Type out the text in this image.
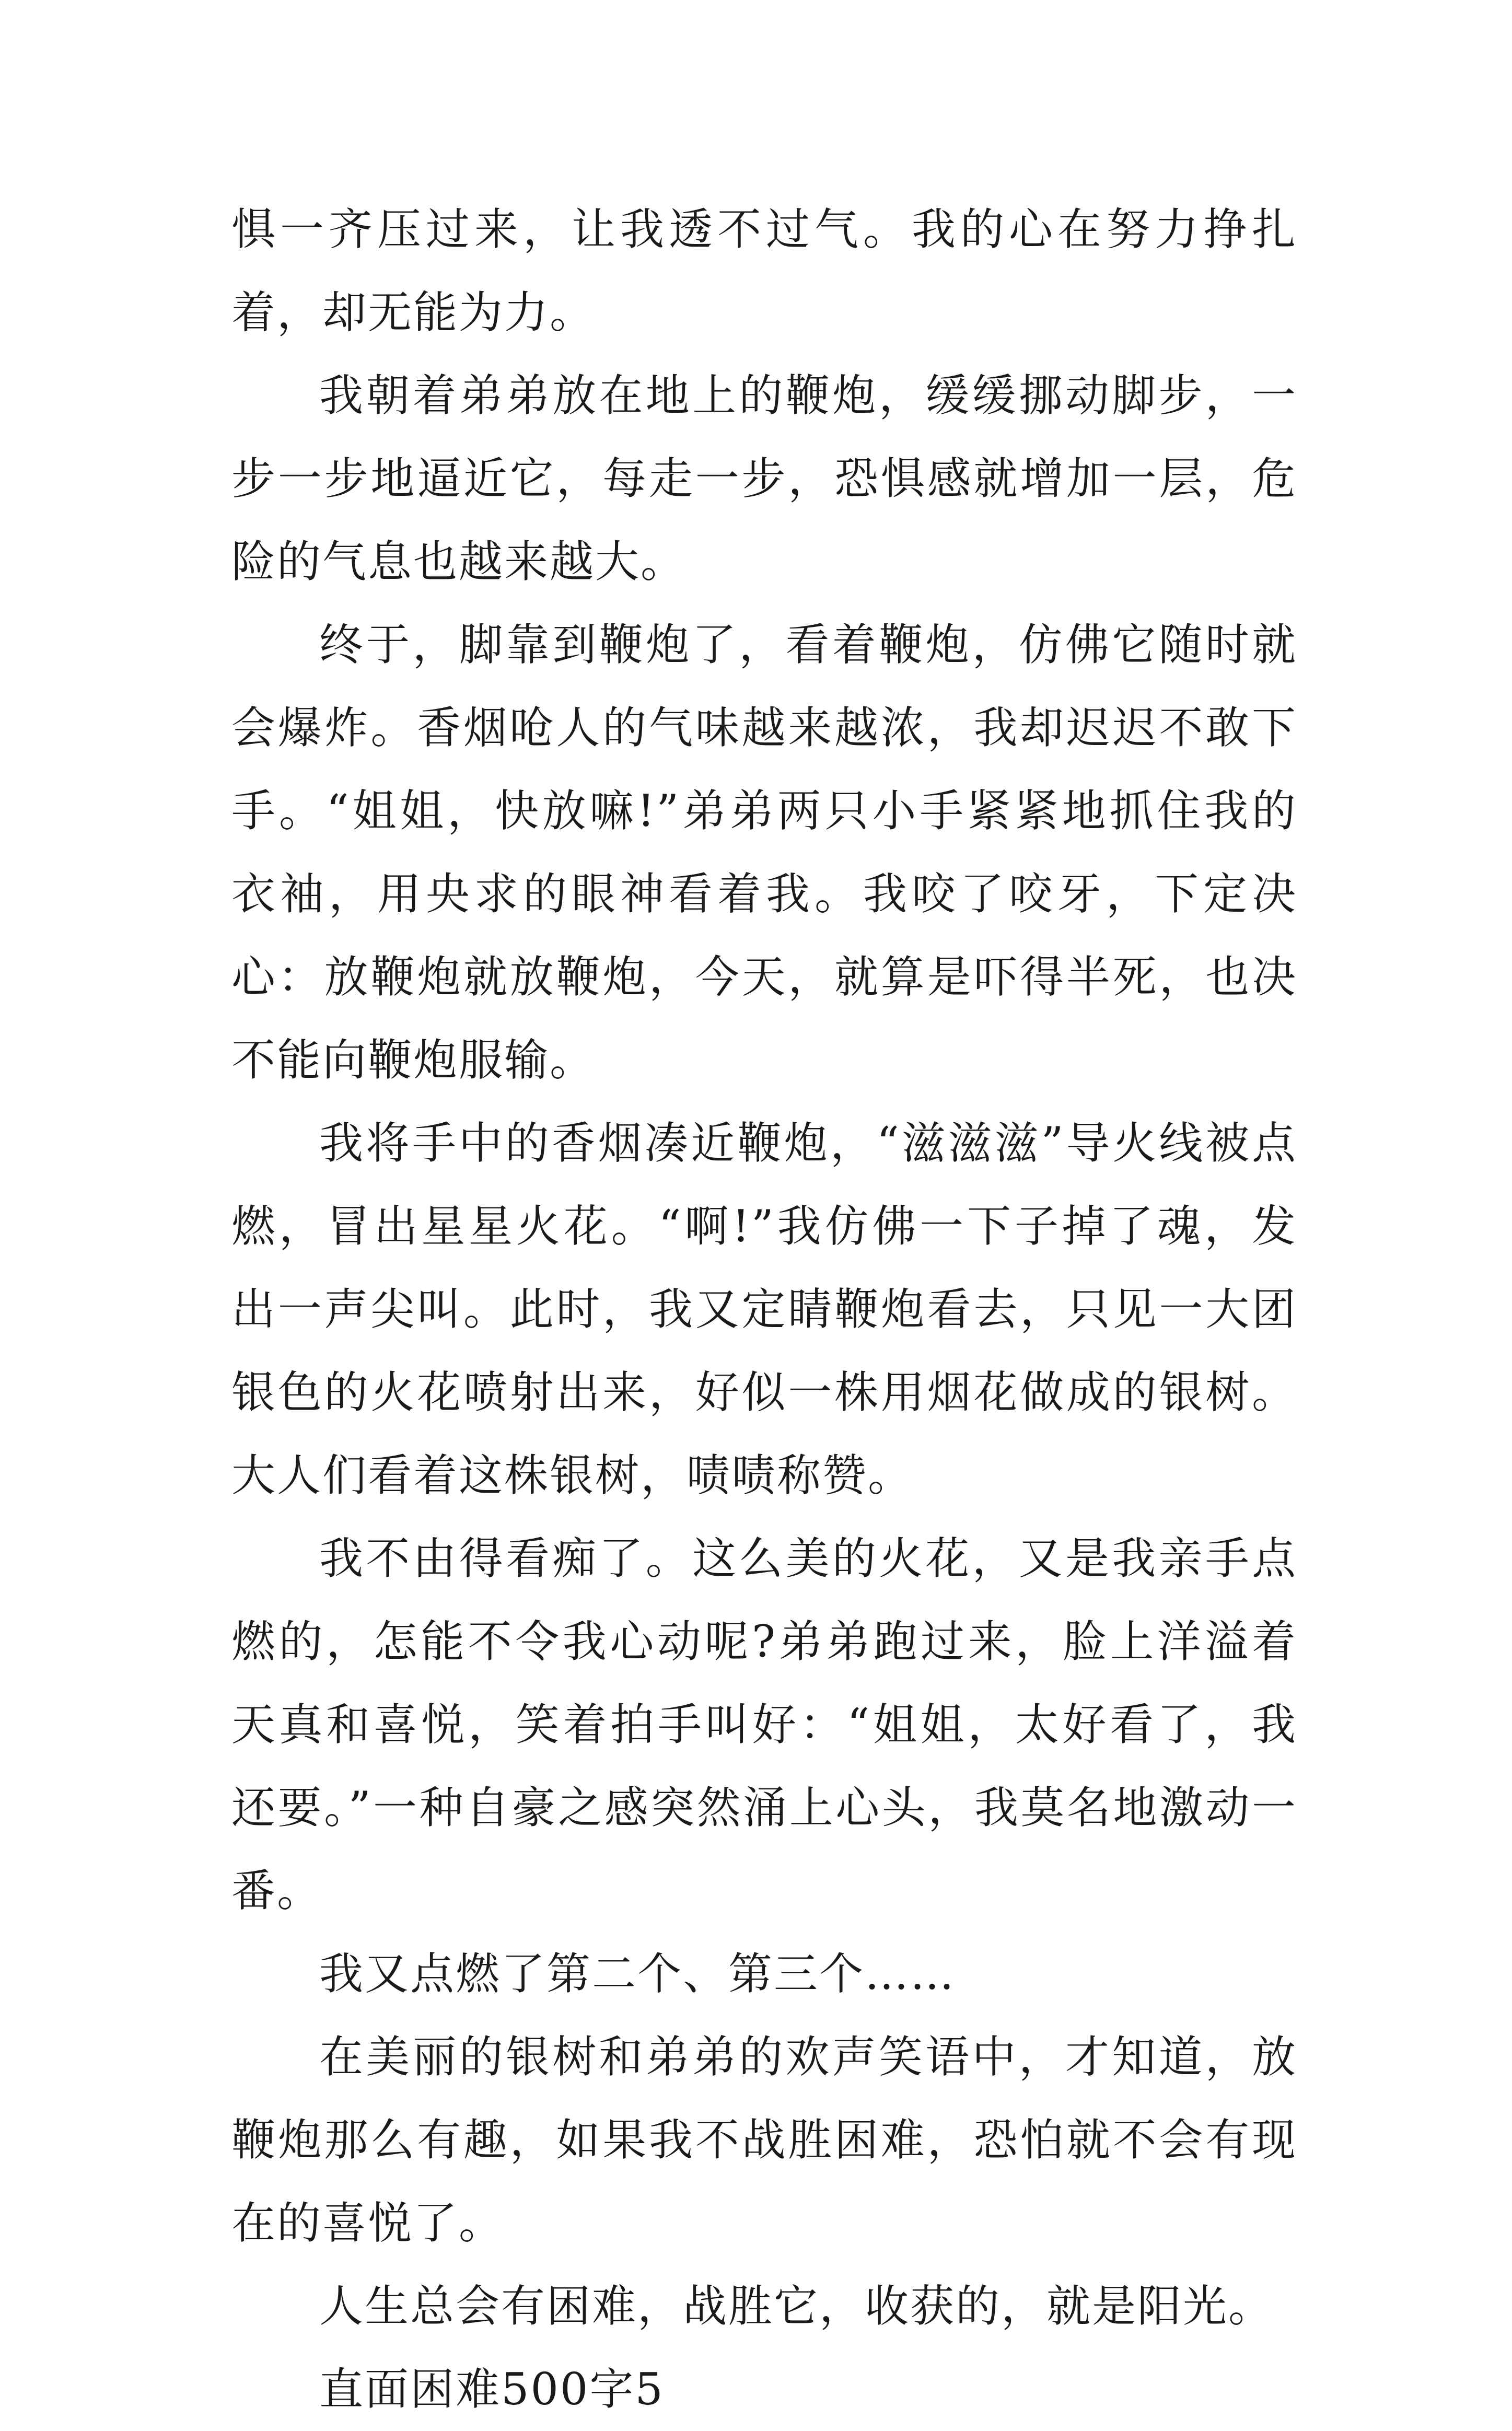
惧一齐压过来，让我透不过气。我的心在努力挣扎着，却无能为力。

我朝着弟弟放在地上的鞭炮，缓缓挪动脚步，一步一步地逼近它，每走一步，恐惧感就增加一层，危险的气息也越来越大。

终于，脚靠到鞭炮了，看着鞭炮，仿佛它随时就会爆炸。香烟呛人的气味越来越浓，我却迟迟不敢下手。“姐姐，快放嘛!”弟弟两只小手紧紧地抓住我的衣袖，用央求的眼神看着我。我咬了咬牙，下定决心：放鞭炮就放鞭炮，今天，就算是吓得半死，也决不能向鞭炮服输。

我将手中的香烟凑近鞭炮，“滋滋滋”导火线被点燃，冒出星星火花。“啊!”我仿佛一下子掉了魂，发出一声尖叫。此时，我又定睛鞭炮看去，只见一大团银色的火花喷射出来，好似一株用烟花做成的银树。大人们看着这株银树，啧啧称赞。

我不由得看痴了。这么美的火花，又是我亲手点燃的，怎能不令我心动呢?弟弟跑过来，脸上洋溢着天真和喜悦，笑着拍手叫好：“姐姐，太好看了，我还要。”一种自豪之感突然涌上心头，我莫名地激动一番。

我又点燃了第二个、第三个……

在美丽的银树和弟弟的欢声笑语中，才知道，放鞭炮那么有趣，如果我不战胜困难，恐怕就不会有现在的喜悦了。

人生总会有困难，战胜它，收获的，就是阳光。

直面困难500字5
